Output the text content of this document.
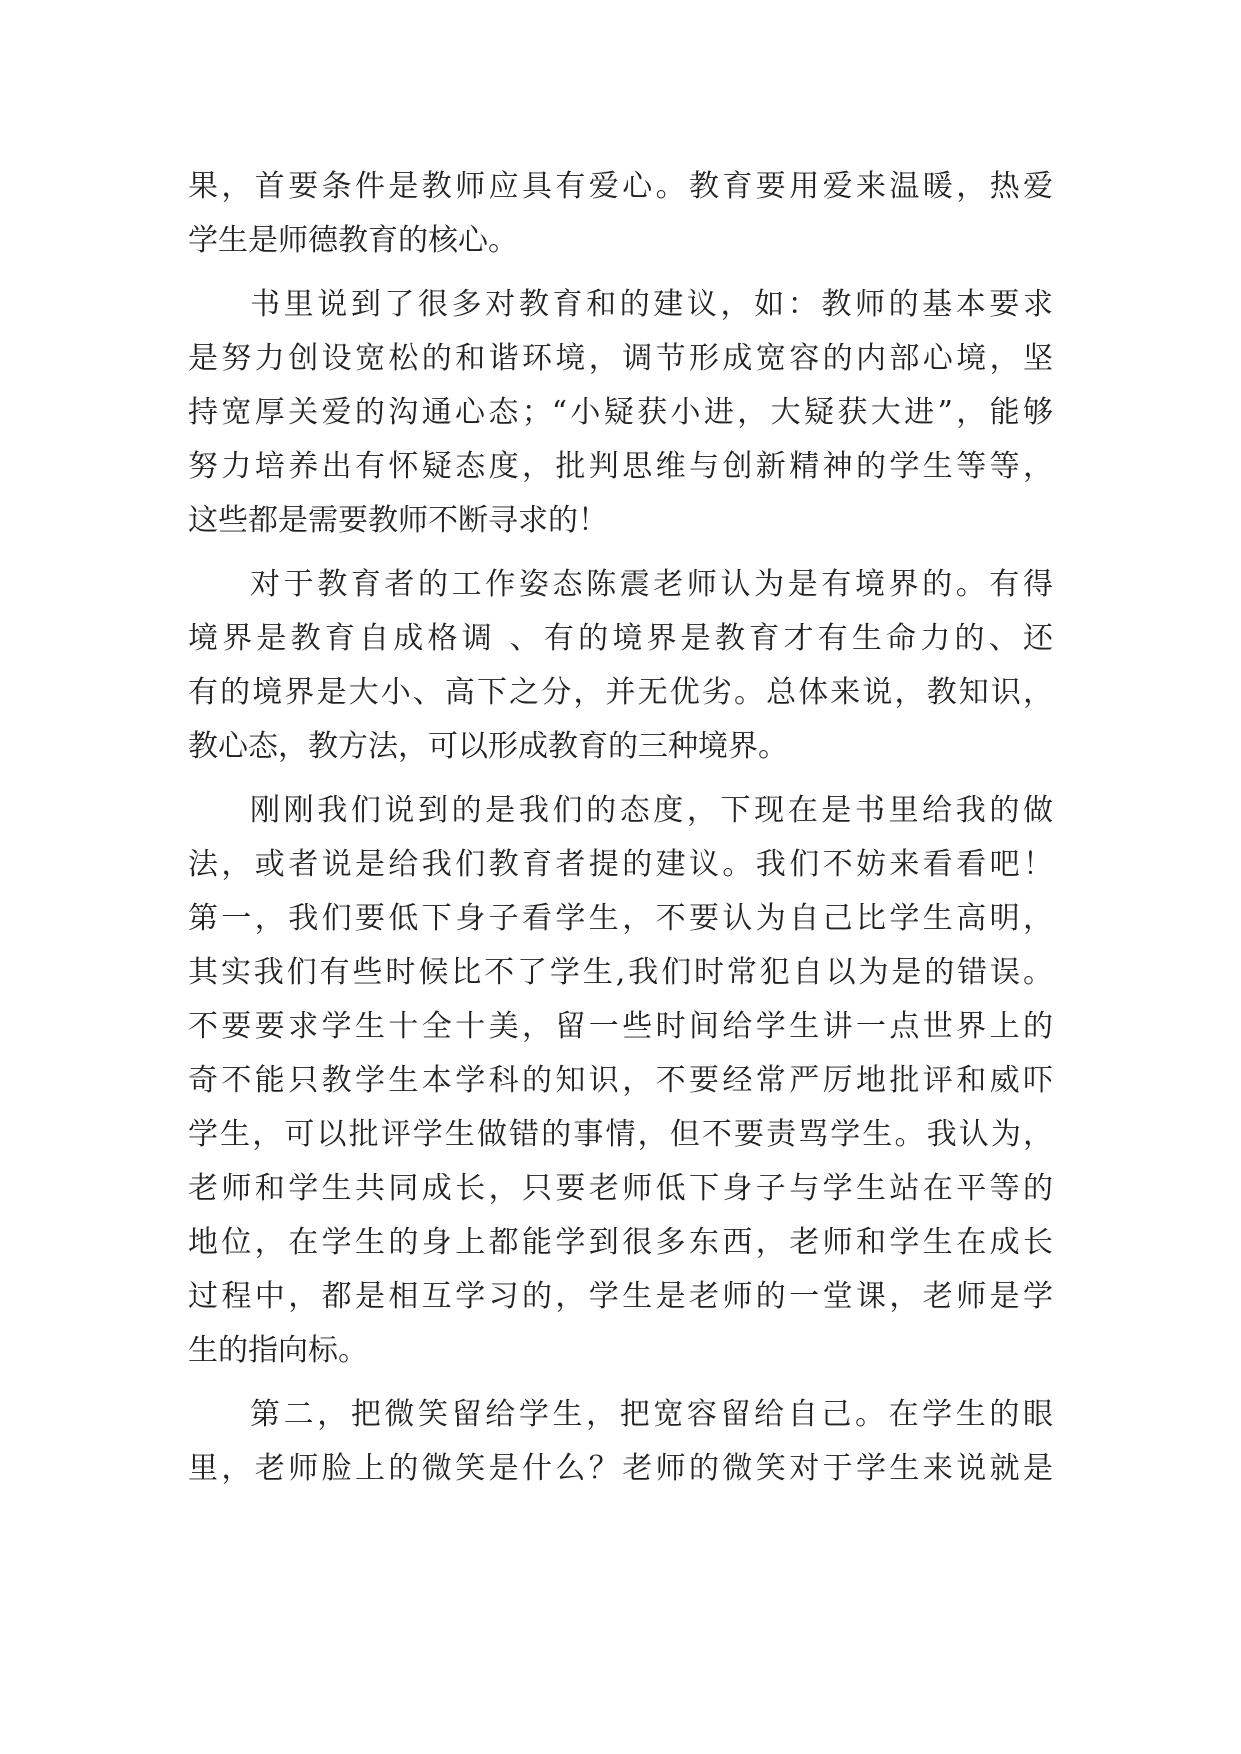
果，首要条件是教师应具有爱心。教育要用爱来温暖，热爱
学生是师德教育的核心。
书里说到了很多对教育和的建议，如：教师的基本要求
是努力创设宽松的和谐环境，调节形成宽容的内部心境，坚
持宽厚关爱的沟通心态；“小疑获小进，大疑获大进”，能够
努力培养出有怀疑态度，批判思维与创新精神的学生等等，
这些都是需要教师不断寻求的！
对于教育者的工作姿态陈震老师认为是有境界的。有得
境界是教育自成格调 、有的境界是教育才有生命力的、还
有的境界是大小、高下之分，并无优劣。总体来说，教知识，
教心态，教方法，可以形成教育的三种境界。
刚刚我们说到的是我们的态度，下现在是书里给我的做
法，或者说是给我们教育者提的建议。我们不妨来看看吧！
第一，我们要低下身子看学生，不要认为自己比学生高明，
其实我们有些时候比不了学生,我们时常犯自以为是的错误。
不要要求学生十全十美，留一些时间给学生讲一点世界上的
奇不能只教学生本学科的知识，不要经常严厉地批评和威吓
学生，可以批评学生做错的事情，但不要责骂学生。我认为，
老师和学生共同成长，只要老师低下身子与学生站在平等的
地位，在学生的身上都能学到很多东西，老师和学生在成长
过程中，都是相互学习的，学生是老师的一堂课，老师是学
生的指向标。
第二，把微笑留给学生，把宽容留给自己。在学生的眼
里，老师脸上的微笑是什么？老师的微笑对于学生来说就是
